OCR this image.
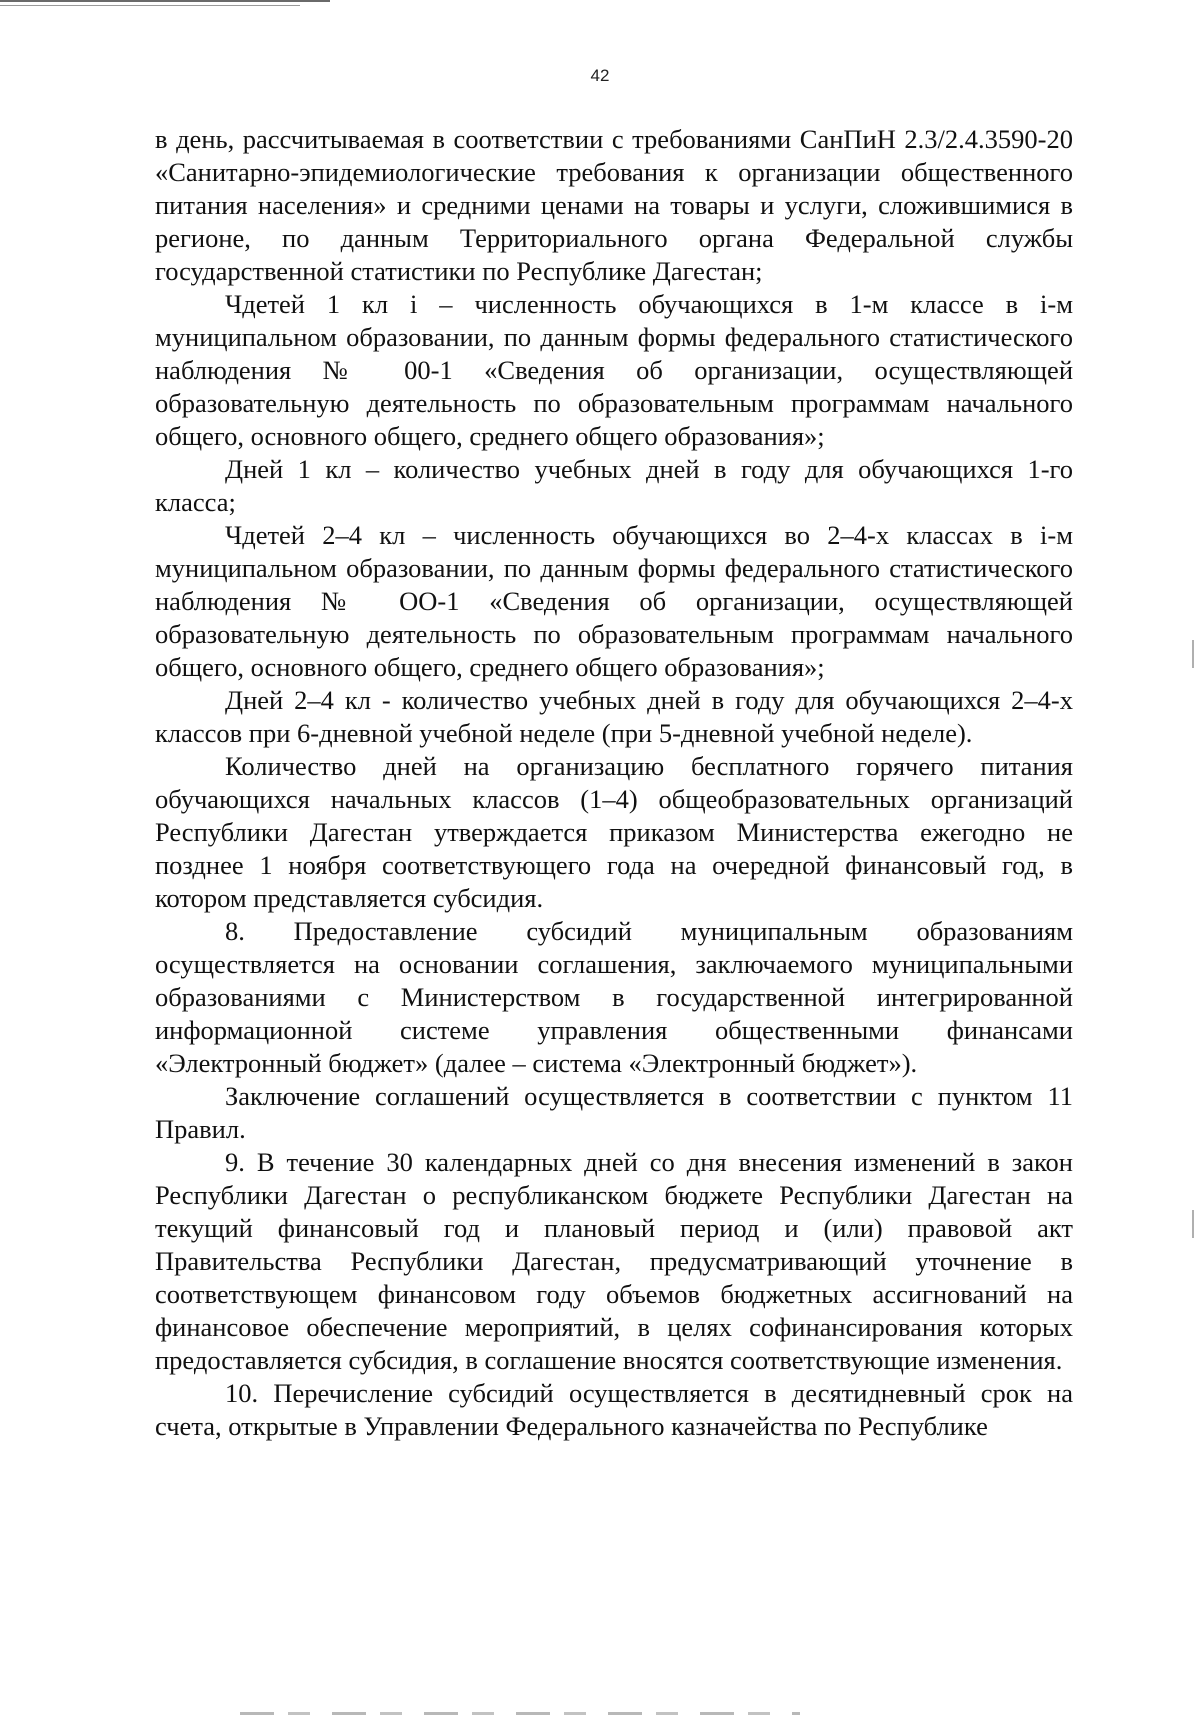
42

в день, рассчитываемая в соответствии с требованиями СанПиН 2.3/2.4.3590-20 «Санитарно-эпидемиологические требования к организации общественного питания населения» и средними ценами на товары и услуги, сложившимися в регионе, по данным Территориального органа Федеральной службы государственной статистики по Республике Дагестан;

Чдетей 1 кл i – численность обучающихся в 1-м классе в i-м муниципальном образовании, по данным формы федерального статистического наблюдения № 00-1 «Сведения об организации, осуществляющей образовательную деятельность по образовательным программам начального общего, основного общего, среднего общего образования»;

Дней 1 кл – количество учебных дней в году для обучающихся 1-го класса;

Чдетей 2–4 кл – численность обучающихся во 2–4-х классах в i-м муниципальном образовании, по данным формы федерального статистического наблюдения № ОО-1 «Сведения об организации, осуществляющей образовательную деятельность по образовательным программам начального общего, основного общего, среднего общего образования»;

Дней 2–4 кл - количество учебных дней в году для обучающихся 2–4-х классов при 6-дневной учебной неделе (при 5-дневной учебной неделе).

Количество дней на организацию бесплатного горячего питания обучающихся начальных классов (1–4) общеобразовательных организаций Республики Дагестан утверждается приказом Министерства ежегодно не позднее 1 ноября соответствующего года на очередной финансовый год, в котором представляется субсидия.

8. Предоставление субсидий муниципальным образованиям осуществляется на основании соглашения, заключаемого муниципальными образованиями с Министерством в государственной интегрированной информационной системе управления общественными финансами «Электронный бюджет» (далее – система «Электронный бюджет»).

Заключение соглашений осуществляется в соответствии с пунктом 11 Правил.

9. В течение 30 календарных дней со дня внесения изменений в закон Республики Дагестан о республиканском бюджете Республики Дагестан на текущий финансовый год и плановый период и (или) правовой акт Правительства Республики Дагестан, предусматривающий уточнение в соответствующем финансовом году объемов бюджетных ассигнований на финансовое обеспечение мероприятий, в целях софинансирования которых предоставляется субсидия, в соглашение вносятся соответствующие изменения.

10. Перечисление субсидий осуществляется в десятидневный срок на счета, открытые в Управлении Федерального казначейства по Республике
